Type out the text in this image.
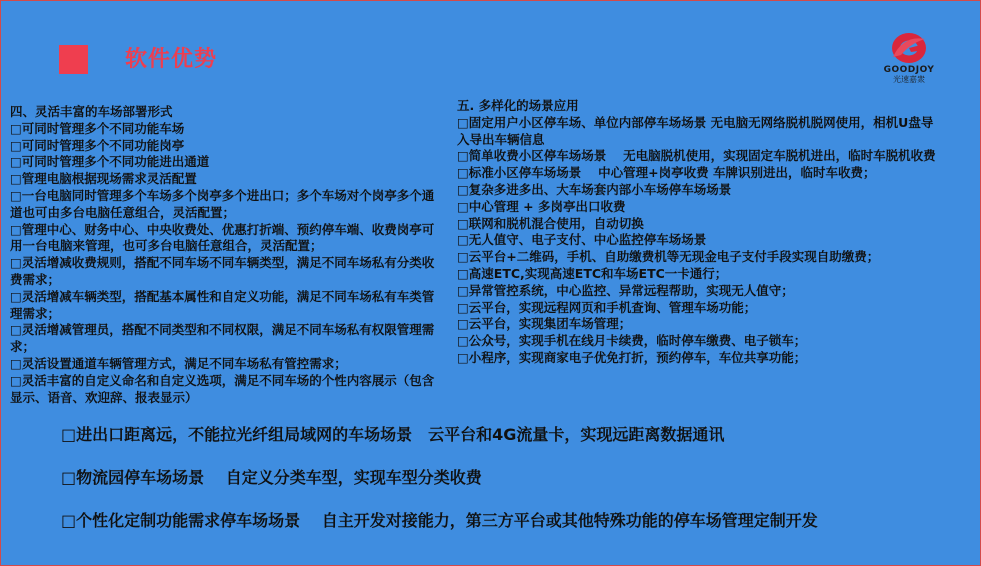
软件优势	GOODJOY
光速嘉衆
四、灵活丰富的车场部署形式
□可同时管理多个不同功能车场
□可同时管理多个不同功能岗亭
□可同时管理多个不同功能进出通道
□管理电脑根据现场需求灵活配置
□一台电脑同时管理多个车场多个岗亭多个进出口；多个车场对个岗亭多个通道也可由多台电脑任意组合，灵活配置；
□管理中心、财务中心、中央收费处、优惠打折端、预约停车端、收费岗亭可用一台电脑来管理，也可多台电脑任意组合，灵活配置；
□灵活增减收费规则，搭配不同车场不同车辆类型，满足不同车场私有分类收费需求；
□灵活增减车辆类型，搭配基本属性和自定义功能，满足不同车场私有车类管理需求；
□灵活增减管理员，搭配不同类型和不同权限，满足不同车场私有权限管理需求；
□灵活设置通道车辆管理方式，满足不同车场私有管控需求；
□灵活丰富的自定义命名和自定义选项，满足不同车场的个性内容展示（包含显示、语音、欢迎辞、报表显示）
五. 多样化的场景应用
□固定用户小区停车场、单位内部停车场场景 无电脑无网络脱机脱网使用，相机U盘导入导出车辆信息
□简单收费小区停车场场景　 无电脑脱机使用，实现固定车脱机进出，临时车脱机收费
□标准小区停车场场景　 中心管理+岗亭收费 车牌识别进出，临时车收费；
□复杂多进多出、大车场套内部小车场停车场场景
□中心管理 + 多岗亭出口收费
□联网和脱机混合使用，自动切换
□无人值守、电子支付、中心监控停车场场景
□云平台+二维码，手机、自助缴费机等无现金电子支付手段实现自助缴费；
□高速ETC,实现高速ETC和车场ETC一卡通行；
□异常管控系统，中心监控、异常远程帮助，实现无人值守；
□云平台，实现远程网页和手机查询、管理车场功能；
□云平台，实现集团车场管理；
□公众号，实现手机在线月卡续费，临时停车缴费、电子锁车；
□小程序，实现商家电子优免打折，预约停车，车位共享功能；
□进出口距离远，不能拉光纤组局域网的车场场景　云平台和4G流量卡，实现远距离数据通讯
□物流园停车场场景　 自定义分类车型，实现车型分类收费
□个性化定制功能需求停车场场景　 自主开发对接能力，第三方平台或其他特殊功能的停车场管理定制开发
